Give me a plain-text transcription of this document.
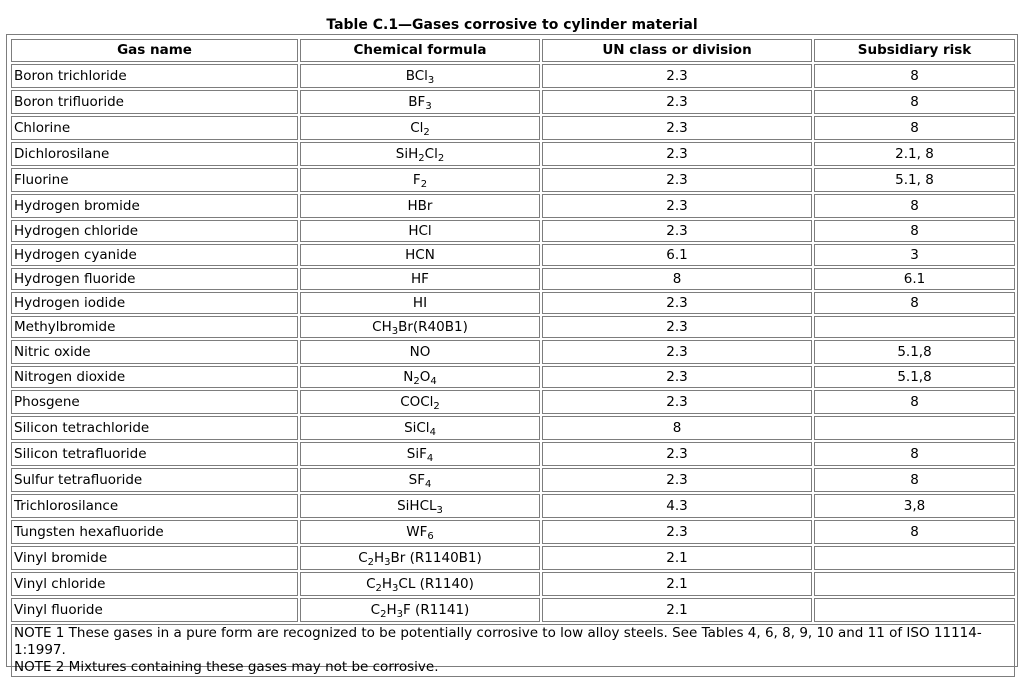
Table C.1—Gases corrosive to cylinder material
Gas name	Chemical formula	UN class or division	Subsidiary risk
Boron trichloride	BCl$_3$	2.3	8
Boron trifluoride	$BF_3$	2.3	8
Chlorine	$Cl_2$	2.3	8
Dichlorosilane	$SiH_2Cl_2$	2.3	2.1, 8
Fluorine	$F_2$	2.3	5.1, 8
Hydrogen bromide	HBr	2.3	8
Hydrogen chloride	HCl	2.3	8
Hydrogen cyanide	HCN	6.1	3
Hydrogen fluoride	HF	8	6.1
Hydrogen iodide	HI	2.3	8
Methylbromide	$CH_3Br(R40B1)$	2.3	
Nitric oxide	NO	2.3	5.1,8
Nitrogen dioxide	$N_2O_4$	2.3	5.1,8
Phosgene	COCl$_2$	2.3	8
Silicon tetrachloride	SiCl$_4$	8	
Silicon tetrafluoride	SiF$_4$	2.3	8
Sulfur tetrafluoride	$SF_4$	2.3	8
Trichlorosilance	SiHCL$_3$	4.3	3,8
Tungsten hexafluoride	$WF_6$	2.3	8
Vinyl bromide	$C_2H_3Br$ (R1140B1)	2.1	
Vinyl chloride	$C_2H_3CL$ (R1140)	2.1	
Vinyl fluoride	$C_2H_3F$ (R1141)	2.1	

NOTE 1 These gases in a pure form are recognized to be potentially corrosive to low alloy steels. See Tables 4, 6, 8, 9, 10 and 11 of ISO 11114-1:1997.
NOTE 2 Mixtures containing these gases may not be corrosive.			
